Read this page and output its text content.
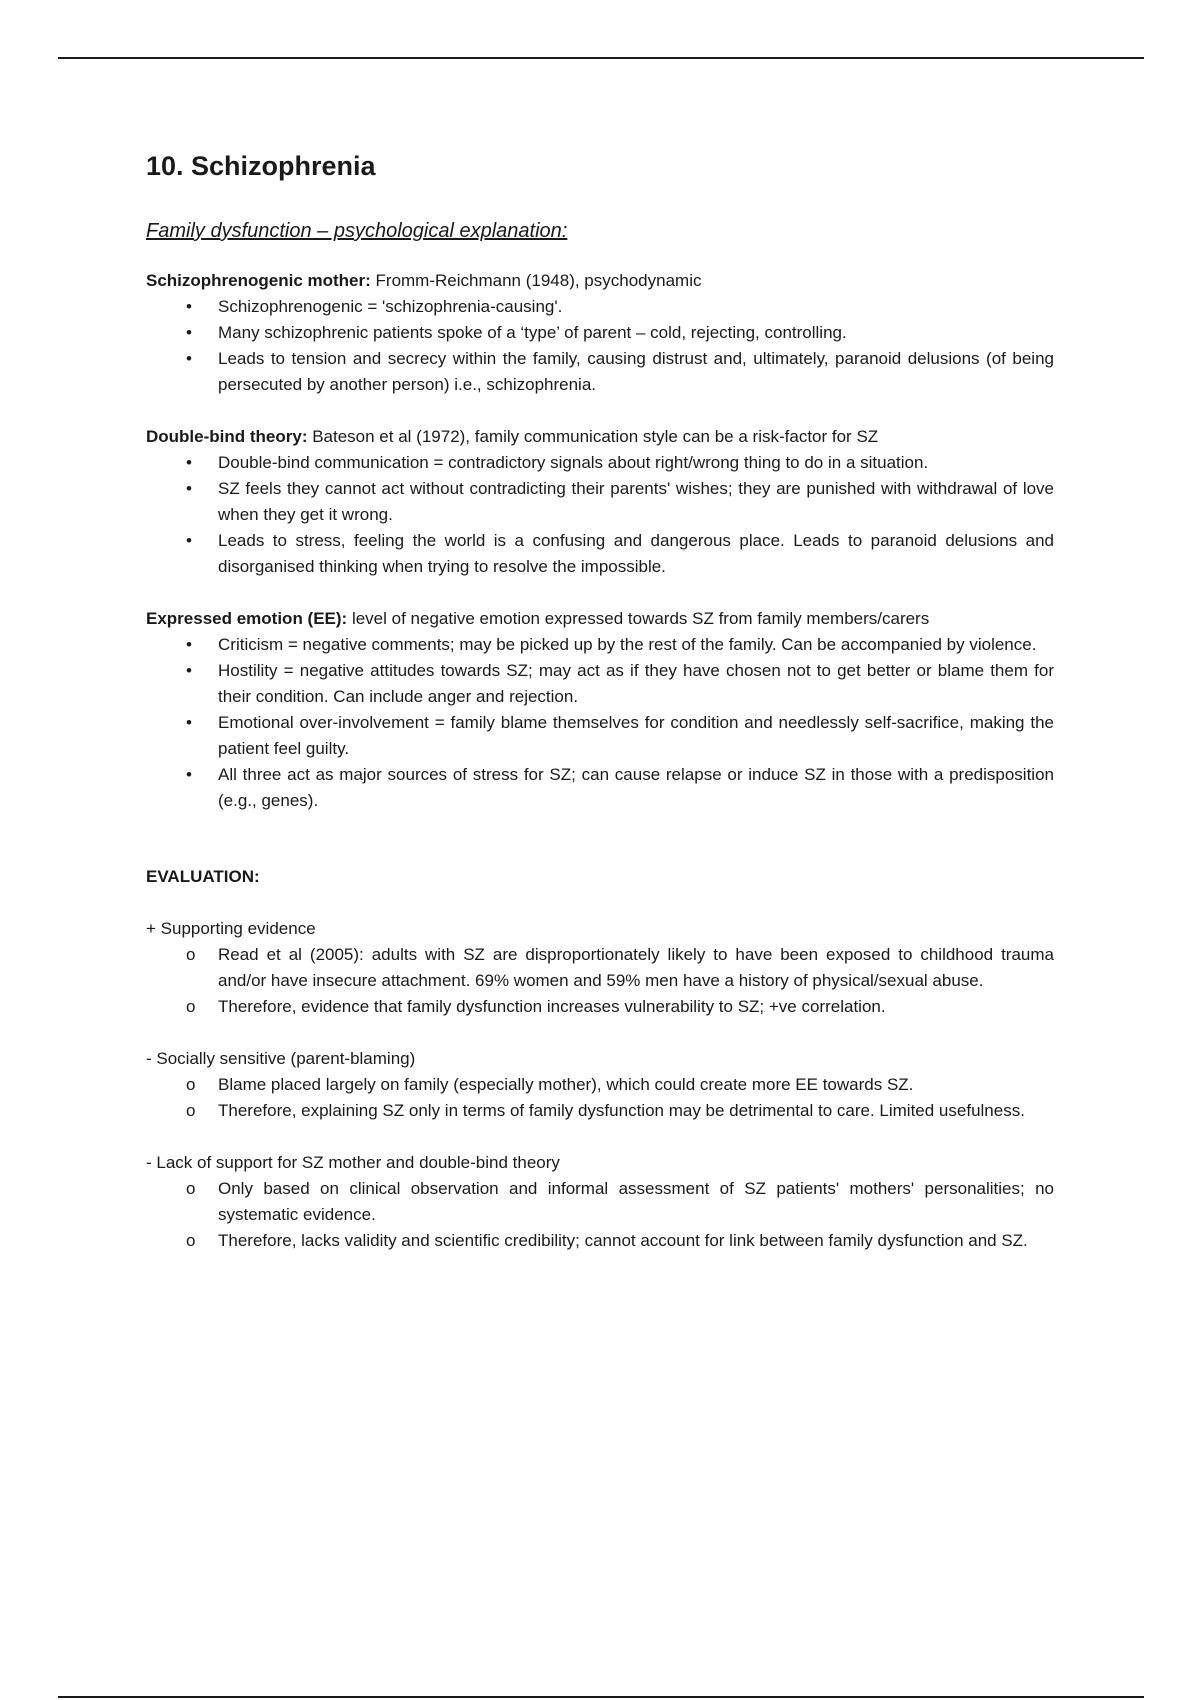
10. Schizophrenia
Family dysfunction – psychological explanation:
Schizophrenogenic mother: Fromm-Reichmann (1948), psychodynamic
• Schizophrenogenic = 'schizophrenia-causing'.
• Many schizophrenic patients spoke of a ‘type’ of parent – cold, rejecting, controlling.
• Leads to tension and secrecy within the family, causing distrust and, ultimately, paranoid delusions (of being persecuted by another person) i.e., schizophrenia.
Double-bind theory: Bateson et al (1972), family communication style can be a risk-factor for SZ
• Double-bind communication = contradictory signals about right/wrong thing to do in a situation.
• SZ feels they cannot act without contradicting their parents' wishes; they are punished with withdrawal of love when they get it wrong.
• Leads to stress, feeling the world is a confusing and dangerous place. Leads to paranoid delusions and disorganised thinking when trying to resolve the impossible.
Expressed emotion (EE): level of negative emotion expressed towards SZ from family members/carers
• Criticism = negative comments; may be picked up by the rest of the family. Can be accompanied by violence.
• Hostility = negative attitudes towards SZ; may act as if they have chosen not to get better or blame them for their condition. Can include anger and rejection.
• Emotional over-involvement = family blame themselves for condition and needlessly self-sacrifice, making the patient feel guilty.
• All three act as major sources of stress for SZ; can cause relapse or induce SZ in those with a predisposition (e.g., genes).
EVALUATION:
+ Supporting evidence
o Read et al (2005): adults with SZ are disproportionately likely to have been exposed to childhood trauma and/or have insecure attachment. 69% women and 59% men have a history of physical/sexual abuse.
o Therefore, evidence that family dysfunction increases vulnerability to SZ; +ve correlation.
- Socially sensitive (parent-blaming)
o Blame placed largely on family (especially mother), which could create more EE towards SZ.
o Therefore, explaining SZ only in terms of family dysfunction may be detrimental to care. Limited usefulness.
- Lack of support for SZ mother and double-bind theory
o Only based on clinical observation and informal assessment of SZ patients' mothers' personalities; no systematic evidence.
o Therefore, lacks validity and scientific credibility; cannot account for link between family dysfunction and SZ.
